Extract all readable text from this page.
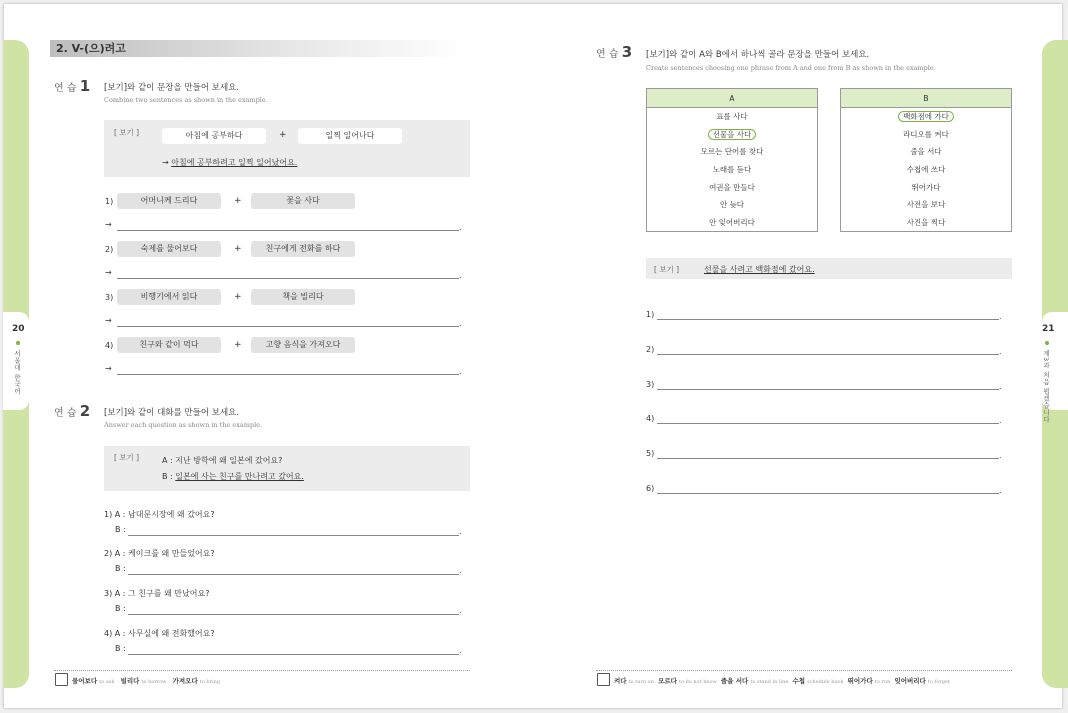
20
서울대 한국어
21
제3과 처음 뵙겠습니다
2. V-(으)려고
연 습 1 [보기]와 같이 문장을 만들어 보세요.
Combine two sentences as shown in the example.
[ 보기 ]	아침에 공부하다	+	일찍 일어나다
→ 아침에 공부하려고 일찍 일어났어요.
1)	어머니께 드리다	+	꽃을 사다
→	.
2)	숙제를 물어보다	+	친구에게 전화를 하다
→	.
3)	비행기에서 읽다	+	책을 빌리다
→	.
4)	친구와 같이 먹다	+	고향 음식을 가져오다
→	.
연 습 2 [보기]와 같이 대화를 만들어 보세요.
Answer each question as shown in the example.
[ 보기 ]	A : 지난 방학에 왜 일본에 갔어요?
B : 일본에 사는 친구를 만나려고 갔어요.
1) A : 남대문시장에 왜 갔어요?
B :	.
2) A : 케이크를 왜 만들었어요?
B :	.
3) A : 그 친구를 왜 만났어요?
B :	.
4) A : 사무실에 왜 전화했어요?
B :	.
물어보다 to ask 빌리다 to borrow 가져오다 to bring
연 습 3 [보기]와 같이 A와 B에서 하나씩 골라 문장을 만들어 보세요.
Create sentences choosing one phrase from A and one from B as shown in the example.
A
표를 사다
선물을 사다
모르는 단어를 찾다
노래를 듣다
여권을 만들다
안 늦다
안 잊어버리다
B
백화점에 가다
라디오를 켜다
줄을 서다
수첩에 쓰다
뛰어가다
사전을 보다
사진을 찍다
[ 보기 ]	선물을 사려고 백화점에 갔어요.
1)	.
2)	.
3)	.
4)	.
5)	.
6)	.
켜다 to turn on 모르다 to do not know 줄을 서다 to stand in line 수첩 schedule book 뛰어가다 to run 잊어버리다 to forget
